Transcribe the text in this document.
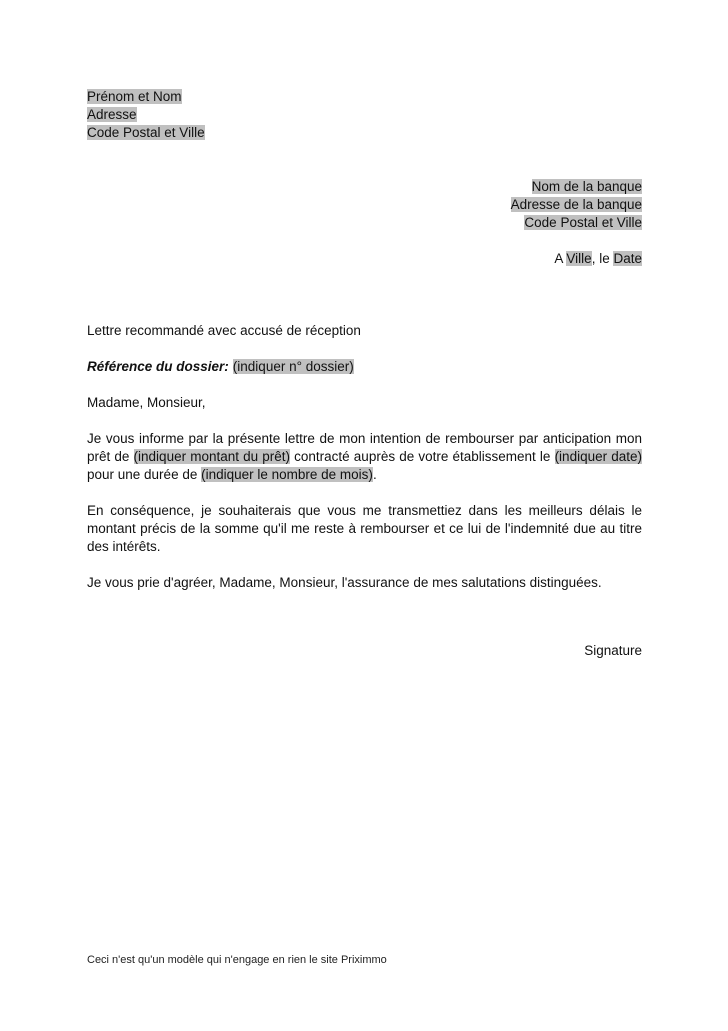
Prénom et Nom
Adresse
Code Postal et Ville
Nom de la banque
Adresse de la banque
Code Postal et Ville
A Ville, le Date
Lettre recommandé avec accusé de réception
Référence du dossier: (indiquer n° dossier)
Madame, Monsieur,
Je vous informe par la présente lettre de mon intention de rembourser par anticipation mon prêt de (indiquer montant du prêt) contracté auprès de votre établissement le (indiquer date) pour une durée de (indiquer le nombre de mois).
En conséquence, je souhaiterais que vous me transmettiez dans les meilleurs délais le montant précis de la somme qu'il me reste à rembourser et ce lui de l'indemnité due au titre des intérêts.
Je vous prie d'agréer, Madame, Monsieur, l'assurance de mes salutations distinguées.
Signature
Ceci n'est qu'un modèle qui n'engage en rien le site Priximmo
